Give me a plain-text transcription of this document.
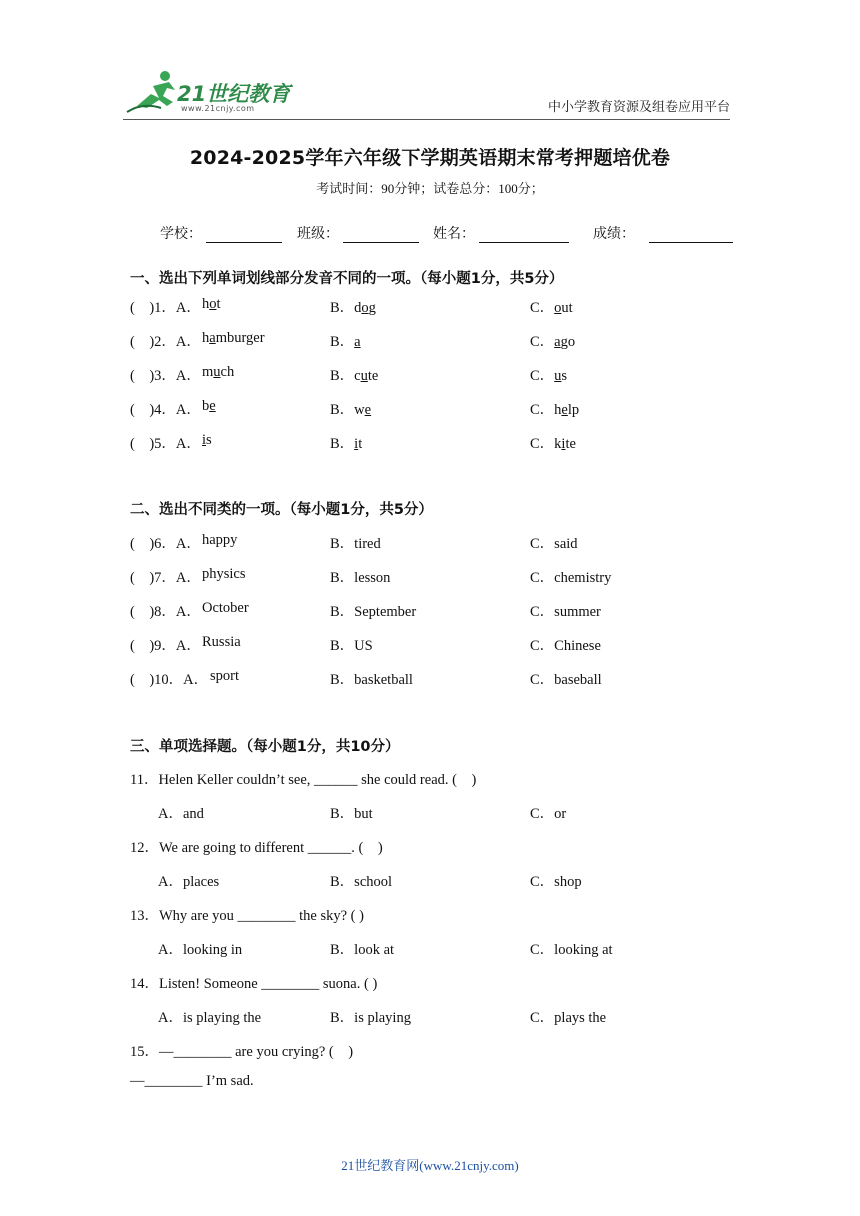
21世纪教育
www.21cnjy.com	中小学教育资源及组卷应用平台
2024-2025学年六年级下学期英语期末常考押题培优卷
考试时间：90分钟；试卷总分：100分；
学校：	班级：	姓名：	成绩：
一、选出下列单词划线部分发音不同的一项。（每小题1分，共5分）
(　)1．A． hot	B．dog	C．out
(　)2．A． hamburger	B．a	C．ago
(　)3．A． much	B．cute	C．us
(　)4．A． be	B．we	C．help
(　)5．A． is	B．it	C．kite
二、选出不同类的一项。（每小题1分，共5分）
(　)6．A． happy	B．tired	C．said
(　)7．A． physics	B．lesson	C．chemistry
(　)8．A． October	B．September	C．summer
(　)9．A． Russia	B．US	C．Chinese
(　)10．A． sport	B．basketball	C．baseball
三、单项选择题。（每小题1分，共10分）
11．Helen Keller couldn’t see, ______ she could read. (　)
A．and	B．but	C．or
12．We are going to different ______. (　)
A．places	B．school	C．shop
13．Why are you ________ the sky? ( )
A．looking in	B．look at	C．looking at
14．Listen! Someone ________ suona. ( )
A．is playing the	B．is playing	C．plays the
15．—________ are you crying? (　)
—________ I’m sad.
21世纪教育网(www.21cnjy.com)
